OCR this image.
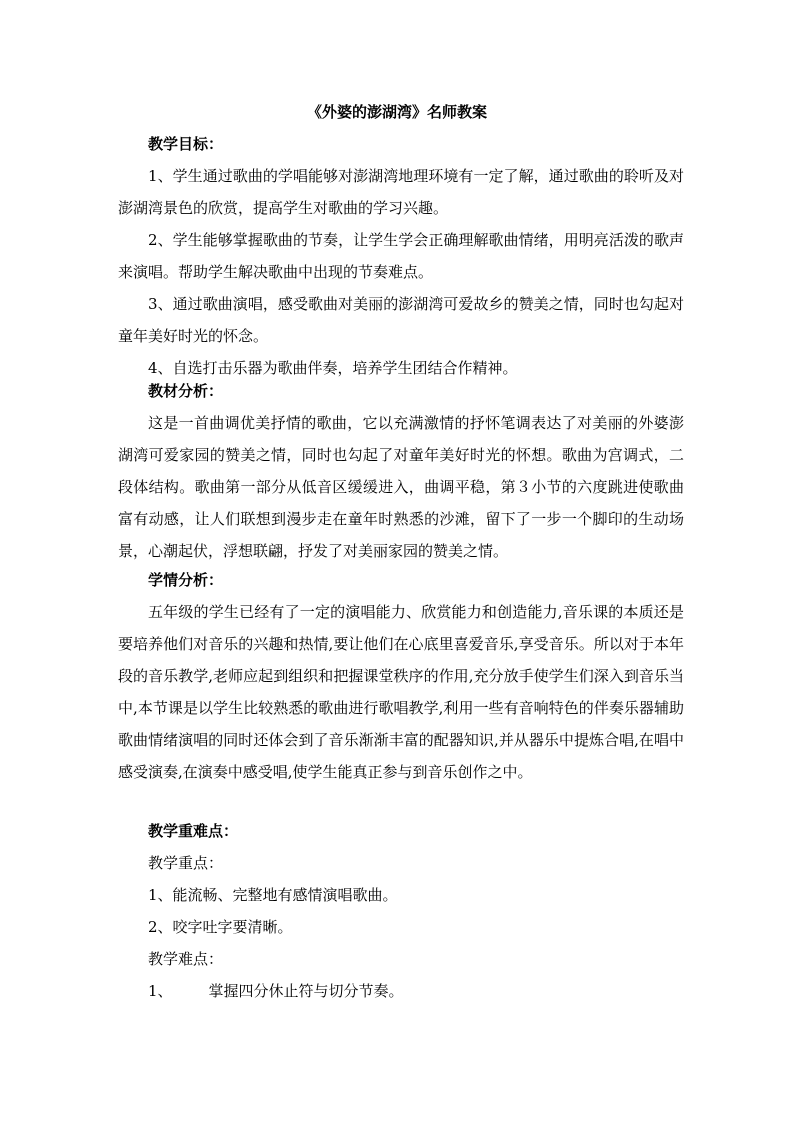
《外婆的澎湖湾》名师教案
教学目标：
1、学生通过歌曲的学唱能够对澎湖湾地理环境有一定了解，通过歌曲的聆听及对澎湖湾景色的欣赏，提高学生对歌曲的学习兴趣。
2、学生能够掌握歌曲的节奏，让学生学会正确理解歌曲情绪，用明亮活泼的歌声来演唱。帮助学生解决歌曲中出现的节奏难点。
3、通过歌曲演唱，感受歌曲对美丽的澎湖湾可爱故乡的赞美之情，同时也勾起对童年美好时光的怀念。
4、自选打击乐器为歌曲伴奏，培养学生团结合作精神。
教材分析：
这是一首曲调优美抒情的歌曲，它以充满激情的抒怀笔调表达了对美丽的外婆澎湖湾可爱家园的赞美之情，同时也勾起了对童年美好时光的怀想。歌曲为宫调式，二段体结构。歌曲第一部分从低音区缓缓进入，曲调平稳，第３小节的六度跳进使歌曲富有动感，让人们联想到漫步走在童年时熟悉的沙滩，留下了一步一个脚印的生动场景，心潮起伏，浮想联翩，抒发了对美丽家园的赞美之情。
学情分析：
五年级的学生已经有了一定的演唱能力、欣赏能力和创造能力,音乐课的本质还是要培养他们对音乐的兴趣和热情,要让他们在心底里喜爱音乐,享受音乐。所以对于本年段的音乐教学,老师应起到组织和把握课堂秩序的作用,充分放手使学生们深入到音乐当中,本节课是以学生比较熟悉的歌曲进行歌唱教学,利用一些有音响特色的伴奏乐器辅助歌曲情绪演唱的同时还体会到了音乐渐渐丰富的配器知识,并从器乐中提炼合唱,在唱中感受演奏,在演奏中感受唱,使学生能真正参与到音乐创作之中。
教学重难点：
教学重点：
1、能流畅、完整地有感情演唱歌曲。
2、咬字吐字要清晰。
教学难点：
1、 掌握四分休止符与切分节奏。
